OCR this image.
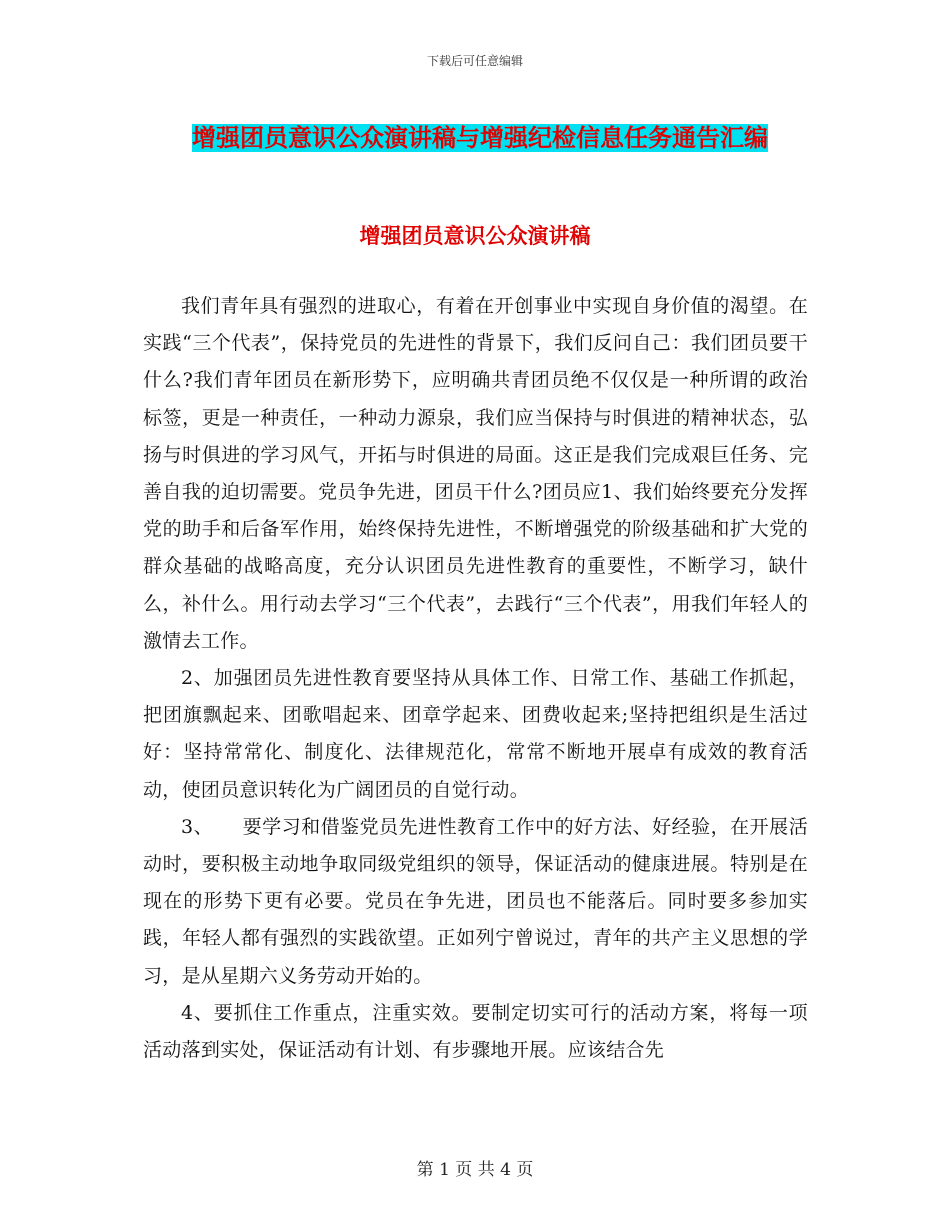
下载后可任意编辑
增强团员意识公众演讲稿与增强纪检信息任务通告汇编
增强团员意识公众演讲稿

我们青年具有强烈的进取心，有着在开创事业中实现自身价值的渴望。在实践“三个代表”，保持党员的先进性的背景下，我们反问自己：我们团员要干什么?我们青年团员在新形势下，应明确共青团员绝不仅仅是一种所谓的政治标签，更是一种责任，一种动力源泉，我们应当保持与时俱进的精神状态，弘扬与时俱进的学习风气，开拓与时俱进的局面。这正是我们完成艰巨任务、完善自我的迫切需要。党员争先进，团员干什么?团员应1、我们始终要充分发挥党的助手和后备军作用，始终保持先进性，不断增强党的阶级基础和扩大党的群众基础的战略高度，充分认识团员先进性教育的重要性，不断学习，缺什么，补什么。用行动去学习“三个代表”，去践行“三个代表”，用我们年轻人的激情去工作。

2、加强团员先进性教育要坚持从具体工作、日常工作、基础工作抓起，把团旗飘起来、团歌唱起来、团章学起来、团费收起来;坚持把组织是生活过好：坚持常常化、制度化、法律规范化，常常不断地开展卓有成效的教育活动，使团员意识转化为广阔团员的自觉行动。

3、　　要学习和借鉴党员先进性教育工作中的好方法、好经验，在开展活动时，要积极主动地争取同级党组织的领导，保证活动的健康进展。特别是在现在的形势下更有必要。党员在争先进，团员也不能落后。同时要多参加实践，年轻人都有强烈的实践欲望。正如列宁曾说过，青年的共产主义思想的学习，是从星期六义务劳动开始的。

4、要抓住工作重点，注重实效。要制定切实可行的活动方案，将每一项活动落到实处，保证活动有计划、有步骤地开展。应该结合先

第 1 页 共 4 页
